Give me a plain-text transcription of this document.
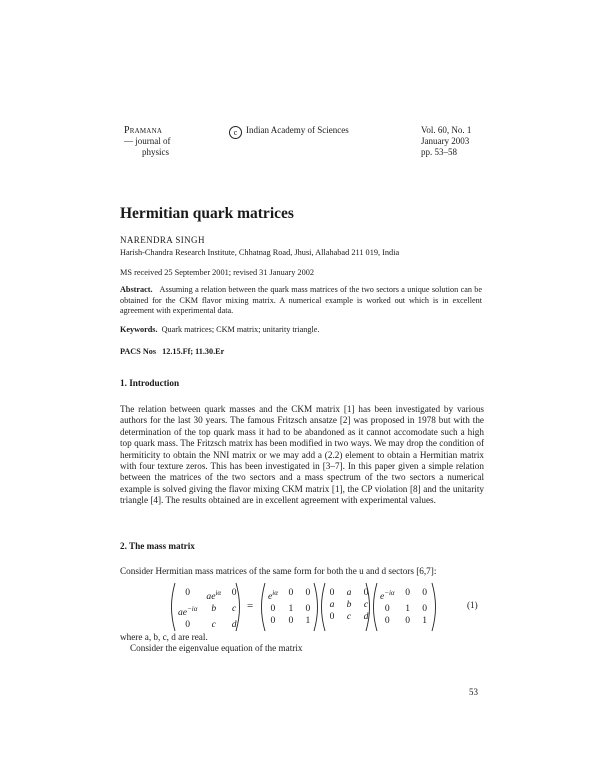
Pramana
— journal of
physics
c Indian Academy of Sciences	Vol. 60, No. 1
January 2003
pp. 53–58
Hermitian quark matrices
NARENDRA SINGH
Harish-Chandra Research Institute, Chhatnag Road, Jhusi, Allahabad 211 019, India
MS received 25 September 2001; revised 31 January 2002
Abstract. Assuming a relation between the quark mass matrices of the two sectors a unique solution can be obtained for the CKM flavor mixing matrix. A numerical example is worked out which is in excellent agreement with experimental data.
Keywords. Quark matrices; CKM matrix; unitarity triangle.
PACS Nos 12.15.Ff; 11.30.Er
1. Introduction
The relation between quark masses and the CKM matrix [1] has been investigated by various authors for the last 30 years. The famous Fritzsch ansatze [2] was proposed in 1978 but with the determination of the top quark mass it had to be abandoned as it cannot accomodate such a high top quark mass. The Fritzsch matrix has been modified in two ways. We may drop the condition of hermiticity to obtain the NNI matrix or we may add a (2.2) element to obtain a Hermitian matrix with four texture zeros. This has been investigated in [3–7]. In this paper given a simple relation between the matrices of the two sectors and a mass spectrum of the two sectors a numerical example is solved giving the flavor mixing CKM matrix [1], the CP violation [8] and the unitarity triangle [4]. The results obtained are in excellent agreement with experimental values.
2. The mass matrix
Consider Hermitian mass matrices of the same form for both the u and d sectors [6,7]:
0	$ae^{i\alpha}$ 0
$ae^{-i\alpha}$	b	c
0	c	d
=
$e^{i\alpha}$ 0 0
0 1 0
0 0 1
0 a 0
a b c
0 c d
$e^{-i\alpha}$ 0 0
0	1 0
0	0 1
(1)
where a, b, c, d are real.
Consider the eigenvalue equation of the matrix
53
